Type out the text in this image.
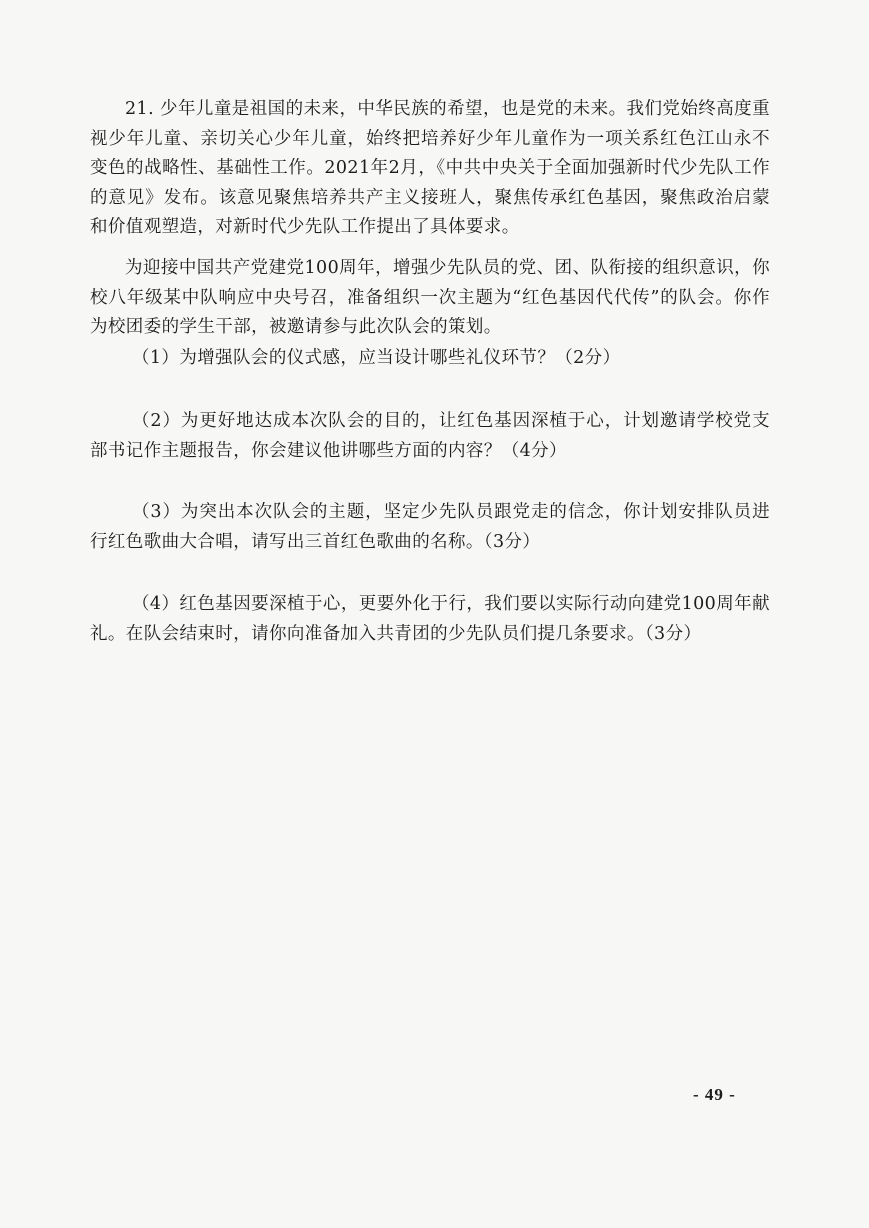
21. 少年儿童是祖国的未来，中华民族的希望，也是党的未来。我们党始终高度重视少年儿童、亲切关心少年儿童，始终把培养好少年儿童作为一项关系红色江山永不变色的战略性、基础性工作。2021年2月，《中共中央关于全面加强新时代少先队工作的意见》发布。该意见聚焦培养共产主义接班人，聚焦传承红色基因，聚焦政治启蒙和价值观塑造，对新时代少先队工作提出了具体要求。

为迎接中国共产党建党100周年，增强少先队员的党、团、队衔接的组织意识，你校八年级某中队响应中央号召，准备组织一次主题为“红色基因代代传”的队会。你作为校团委的学生干部，被邀请参与此次队会的策划。

（1）为增强队会的仪式感，应当设计哪些礼仪环节？（2分）

（2）为更好地达成本次队会的目的，让红色基因深植于心，计划邀请学校党支部书记作主题报告，你会建议他讲哪些方面的内容？（4分）

（3）为突出本次队会的主题，坚定少先队员跟党走的信念，你计划安排队员进行红色歌曲大合唱，请写出三首红色歌曲的名称。（3分）

（4）红色基因要深植于心，更要外化于行，我们要以实际行动向建党100周年献礼。在队会结束时，请你向准备加入共青团的少先队员们提几条要求。（3分）

- 49 -
